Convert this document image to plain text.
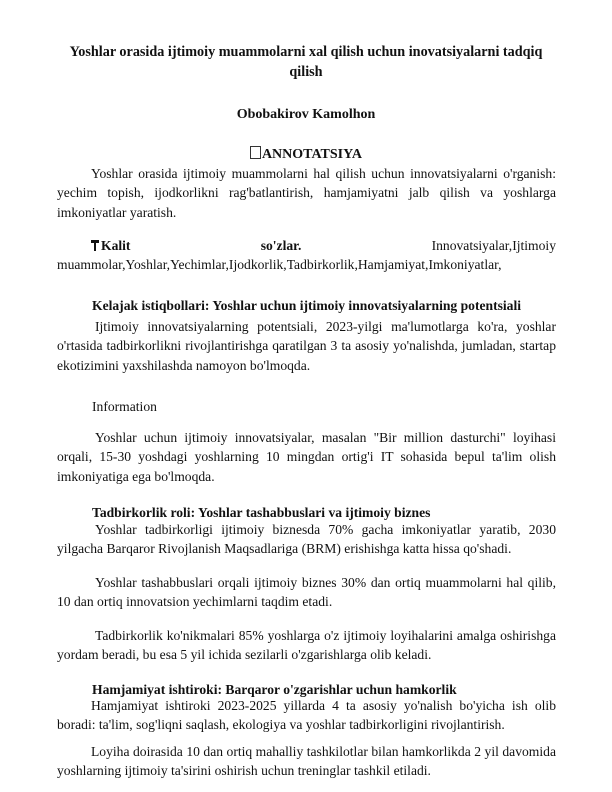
Yoshlar orasida ijtimoiy muammolarni xal qilish uchun inovatsiyalarni tadqiq qilish
Obobakirov Kamolhon
ANNOTATSIYA

Yoshlar orasida ijtimoiy muammolarni hal qilish uchun innovatsiyalarni o'rganish: yechim topish, ijodkorlikni rag'batlantirish, hamjamiyatni jalb qilish va yoshlarga imkoniyatlar yaratish.

Kalit	so'zlar.	Innovatsiyalar,Ijtimoiy
muammolar,Yoshlar,Yechimlar,Ijodkorlik,Tadbirkorlik,Hamjamiyat,Imkoniyatlar,
Kelajak istiqbollari: Yoshlar uchun ijtimoiy innovatsiyalarning potentsiali

Ijtimoiy innovatsiyalarning potentsiali, 2023-yilgi ma'lumotlarga ko'ra, yoshlar o'rtasida tadbirkorlikni rivojlantirishga qaratilgan 3 ta asosiy yo'nalishda, jumladan, startap ekotizimini yaxshilashda namoyon bo'lmoqda.

Information

Yoshlar uchun ijtimoiy innovatsiyalar, masalan "Bir million dasturchi" loyihasi orqali, 15-30 yoshdagi yoshlarning 10 mingdan ortig'i IT sohasida bepul ta'lim olish imkoniyatiga ega bo'lmoqda.

Tadbirkorlik roli: Yoshlar tashabbuslari va ijtimoiy biznes

Yoshlar tadbirkorligi ijtimoiy biznesda 70% gacha imkoniyatlar yaratib, 2030 yilgacha Barqaror Rivojlanish Maqsadlariga (BRM) erishishga katta hissa qo'shadi.

Yoshlar tashabbuslari orqali ijtimoiy biznes 30% dan ortiq muammolarni hal qilib, 10 dan ortiq innovatsion yechimlarni taqdim etadi.

Tadbirkorlik ko'nikmalari 85% yoshlarga o'z ijtimoiy loyihalarini amalga oshirishga yordam beradi, bu esa 5 yil ichida sezilarli o'zgarishlarga olib keladi.

Hamjamiyat ishtiroki: Barqaror o'zgarishlar uchun hamkorlik

Hamjamiyat ishtiroki 2023-2025 yillarda 4 ta asosiy yo'nalish bo'yicha ish olib boradi: ta'lim, sog'liqni saqlash, ekologiya va yoshlar tadbirkorligini rivojlantirish.

Loyiha doirasida 10 dan ortiq mahalliy tashkilotlar bilan hamkorlikda 2 yil davomida yoshlarning ijtimoiy ta'sirini oshirish uchun treninglar tashkil etiladi.
